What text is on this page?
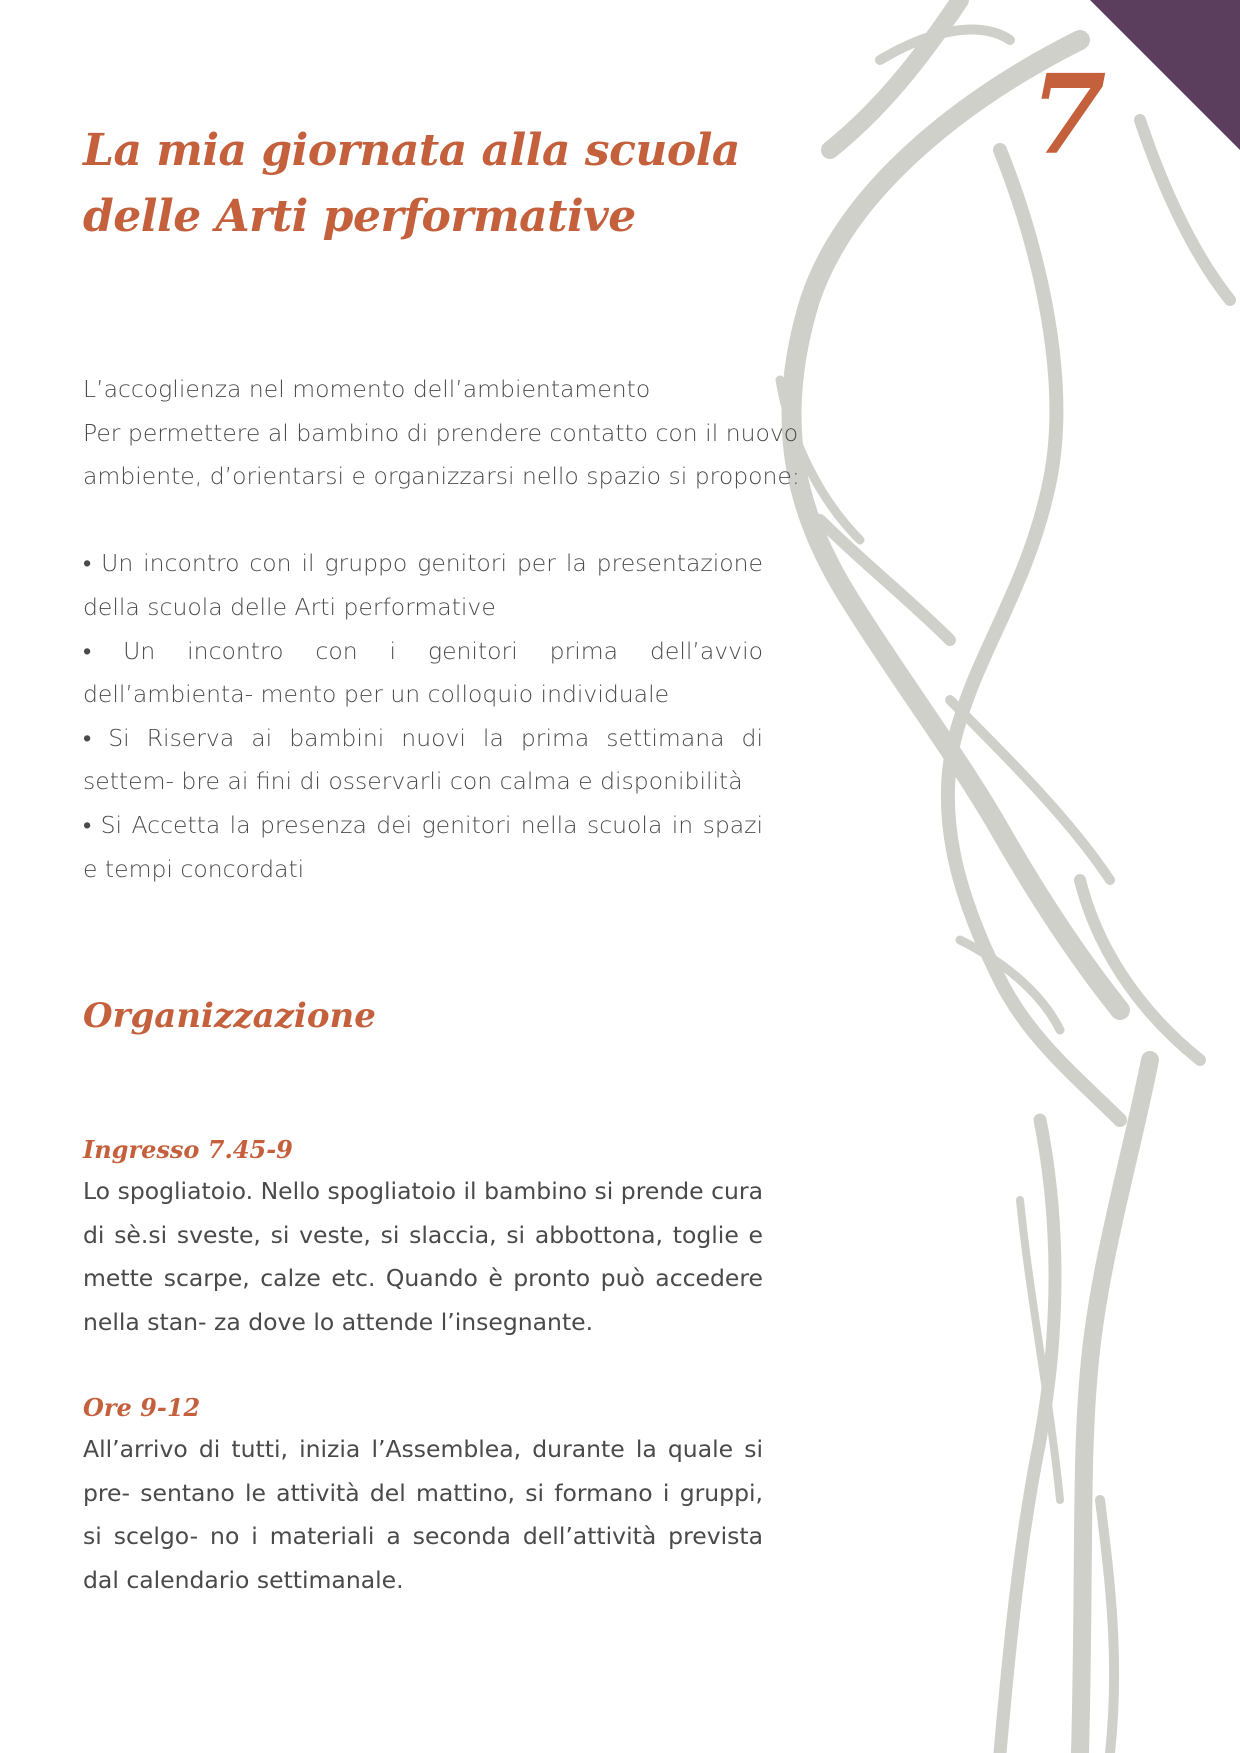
7
La mia giornata alla scuola
delle Arti performative

L’accoglienza nel momento dell’ambientamento

Per permettere al bambino di prendere contatto con il nuovo

ambiente, d’orientarsi e organizzarsi nello spazio si propone:

• Un incontro con il gruppo genitori per la presentazione della scuola delle Arti performative

• Un incontro con i genitori prima dell’avvio dell’ambienta- mento per un colloquio individuale

• Si Riserva ai bambini nuovi la prima settimana di settem- bre ai fini di osservarli con calma e disponibilità

• Si Accetta la presenza dei genitori nella scuola in spazi e tempi concordati

Organizzazione
Ingresso 7.45-9

Lo spogliatoio. Nello spogliatoio il bambino si prende cura di sè.si sveste, si veste, si slaccia, si abbottona, toglie e mette scarpe, calze etc. Quando è pronto può accedere nella stan- za dove lo attende l’insegnante.

Ore 9-12

All’arrivo di tutti, inizia l’Assemblea, durante la quale si pre- sentano le attività del mattino, si formano i gruppi, si scelgo- no i materiali a seconda dell’attività prevista dal calendario settimanale.
